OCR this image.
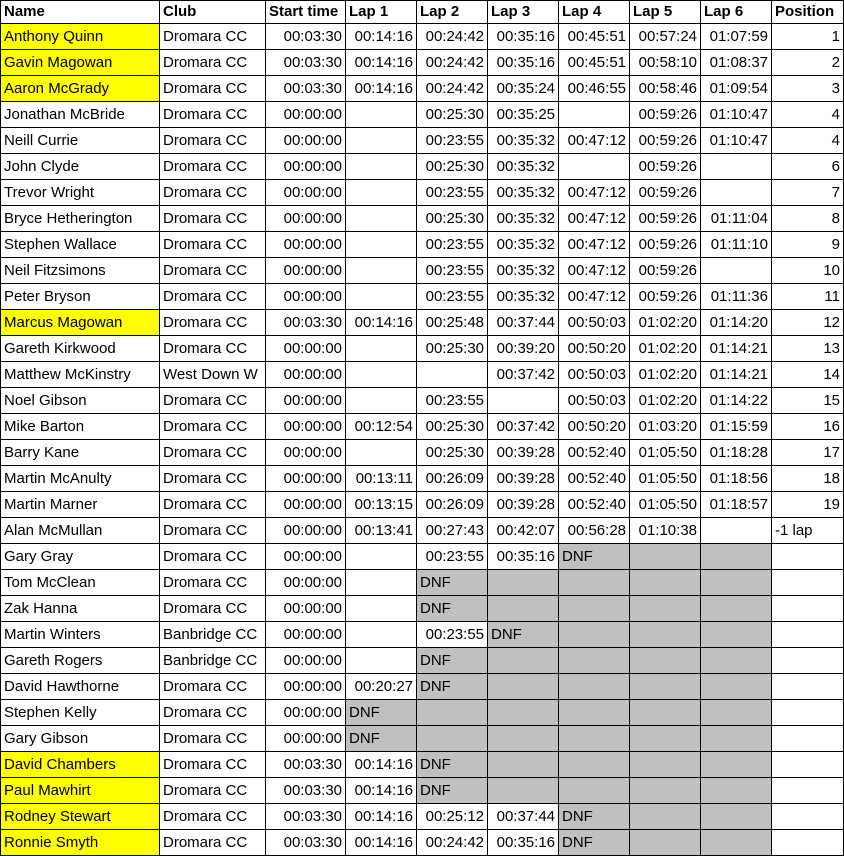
Name	Club	Start time	Lap 1	Lap 2	Lap 3	Lap 4	Lap 5	Lap 6	Position
Anthony Quinn	Dromara CC	00:03:30	00:14:16	00:24:42	00:35:16	00:45:51	00:57:24	01:07:59	1
Gavin Magowan	Dromara CC	00:03:30	00:14:16	00:24:42	00:35:16	00:45:51	00:58:10	01:08:37	2
Aaron McGrady	Dromara CC	00:03:30	00:14:16	00:24:42	00:35:24	00:46:55	00:58:46	01:09:54	3
Jonathan McBride	Dromara CC	00:00:00		00:25:30	00:35:25		00:59:26	01:10:47	4
Neill Currie	Dromara CC	00:00:00		00:23:55	00:35:32	00:47:12	00:59:26	01:10:47	4
John Clyde	Dromara CC	00:00:00		00:25:30	00:35:32		00:59:26		6
Trevor Wright	Dromara CC	00:00:00		00:23:55	00:35:32	00:47:12	00:59:26		7
Bryce Hetherington	Dromara CC	00:00:00		00:25:30	00:35:32	00:47:12	00:59:26	01:11:04	8
Stephen Wallace	Dromara CC	00:00:00		00:23:55	00:35:32	00:47:12	00:59:26	01:11:10	9
Neil Fitzsimons	Dromara CC	00:00:00		00:23:55	00:35:32	00:47:12	00:59:26		10
Peter Bryson	Dromara CC	00:00:00		00:23:55	00:35:32	00:47:12	00:59:26	01:11:36	11
Marcus Magowan	Dromara CC	00:03:30	00:14:16	00:25:48	00:37:44	00:50:03	01:02:20	01:14:20	12
Gareth Kirkwood	Dromara CC	00:00:00		00:25:30	00:39:20	00:50:20	01:02:20	01:14:21	13
Matthew McKinstry	West Down W	00:00:00			00:37:42	00:50:03	01:02:20	01:14:21	14
Noel Gibson	Dromara CC	00:00:00		00:23:55		00:50:03	01:02:20	01:14:22	15
Mike Barton	Dromara CC	00:00:00	00:12:54	00:25:30	00:37:42	00:50:20	01:03:20	01:15:59	16
Barry Kane	Dromara CC	00:00:00		00:25:30	00:39:28	00:52:40	01:05:50	01:18:28	17
Martin McAnulty	Dromara CC	00:00:00	00:13:11	00:26:09	00:39:28	00:52:40	01:05:50	01:18:56	18
Martin Marner	Dromara CC	00:00:00	00:13:15	00:26:09	00:39:28	00:52:40	01:05:50	01:18:57	19
Alan McMullan	Dromara CC	00:00:00	00:13:41	00:27:43	00:42:07	00:56:28	01:10:38		-1 lap
Gary Gray	Dromara CC	00:00:00		00:23:55	00:35:16	DNF			
Tom McClean	Dromara CC	00:00:00		DNF					
Zak Hanna	Dromara CC	00:00:00		DNF					
Martin Winters	Banbridge CC	00:00:00		00:23:55	DNF				
Gareth Rogers	Banbridge CC	00:00:00		DNF					
David Hawthorne	Dromara CC	00:00:00	00:20:27	DNF					
Stephen Kelly	Dromara CC	00:00:00	DNF						
Gary Gibson	Dromara CC	00:00:00	DNF						
David Chambers	Dromara CC	00:03:30	00:14:16	DNF					
Paul Mawhirt	Dromara CC	00:03:30	00:14:16	DNF					
Rodney Stewart	Dromara CC	00:03:30	00:14:16	00:25:12	00:37:44	DNF			
Ronnie Smyth	Dromara CC	00:03:30	00:14:16	00:24:42	00:35:16	DNF			
